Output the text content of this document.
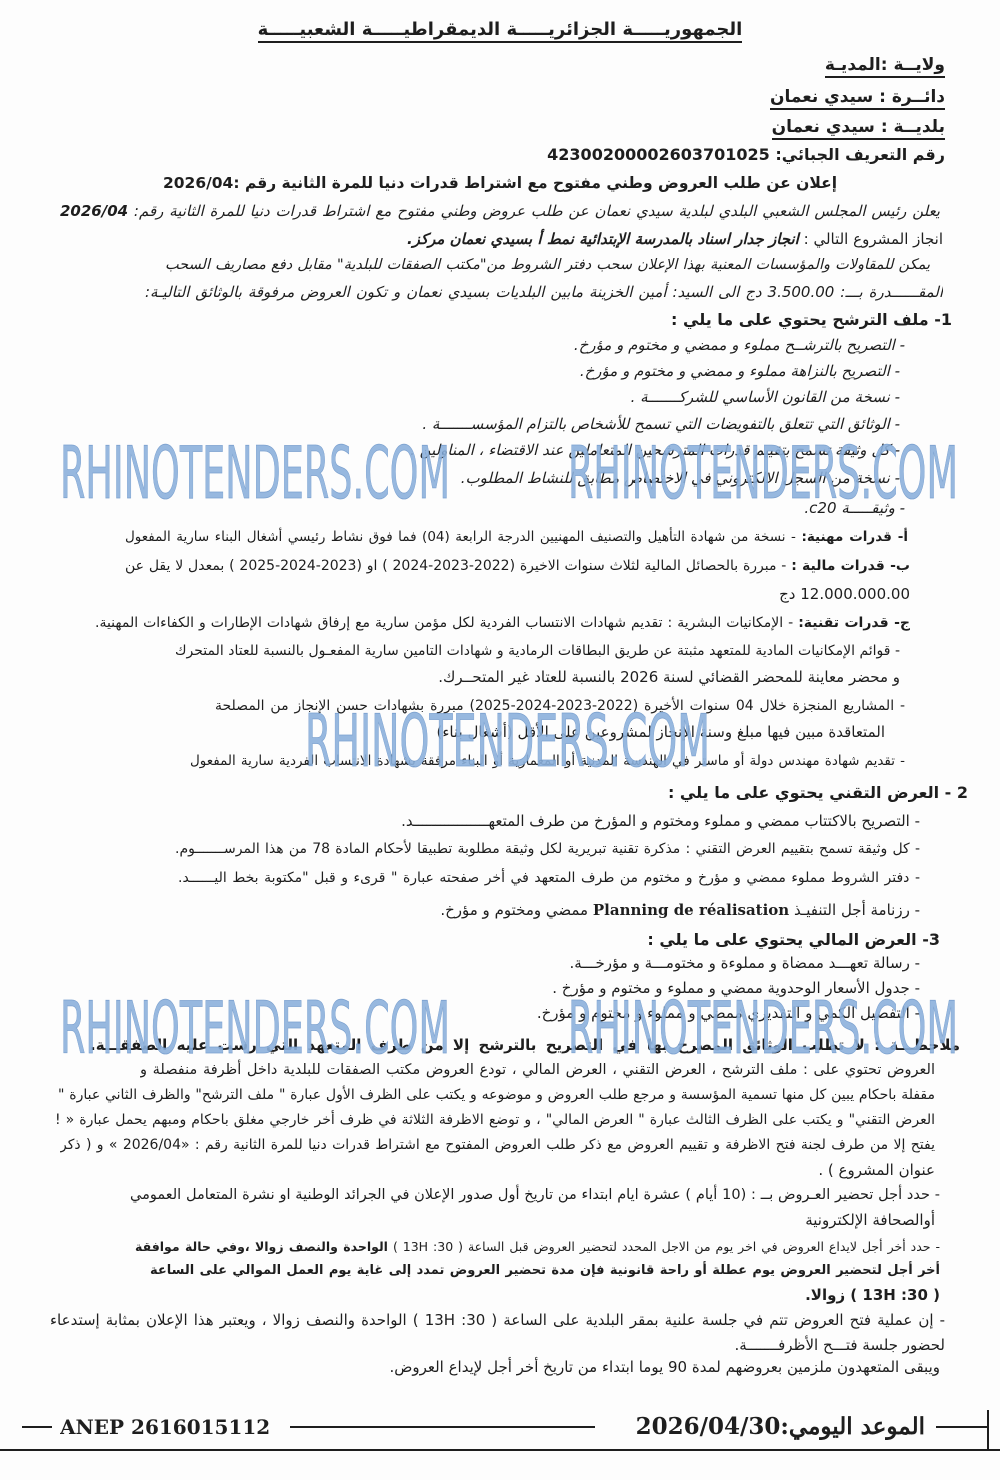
الجمهوريـــــة الجزائريـــــة الديمقراطيـــــة الشعبيـــــة
ولايــة :المديـة
دائــرة : سيدي نعمان
بلديــة : سيدي نعمان
رقم التعريف الجبائي: 42300200002603701025
إعلان عن طلب العروض وطني مفتوح مع اشتراط قدرات دنيا للمرة الثانية رقم :2026/04
يعلن رئيس المجلس الشعبي البلدي لبلدية سيدي نعمان عن طلب عروض وطني مفتوح مع اشتراط قدرات دنيا للمرة الثانية رقم: 2026/04
انجاز المشروع التالي : انجاز جدار اسناد بالمدرسة الإبتدائية نمط أ بسيدي نعمان مركز.
يمكن للمقاولات والمؤسسات المعنية بهذا الإعلان سحب دفتر الشروط من"مكتب الصفقات للبلدية" مقابل دفع مصاريف السحب
المقــــــدرة بـــ: 3.500.00 دج الى السيد: أمين الخزينة مابين البلديات بسيدي نعمان و تكون العروض مرفوقة بالوثائق التاليـة:
1- ملف الترشح يحتوي على ما يلي :
- التصريح بالترشــح مملوء و ممضي و مختوم و مؤرخ.
- التصريح بالنزاهة مملوء و ممضي و مختوم و مؤرخ.
- نسخة من القانون الأساسي للشركـــــــة .
- الوثائق التي تتعلق بالتفويضات التي تسمح للأشخاص بالتزام المؤسســـــــة .
- كل وثيقة تسمح بتقييم قدرات المترشحين المتعاملين عند الاقتضاء ، المناولين .
- نسخة من السجل الالكتروني في الاختصاص مطابق للنشاط المطلوب.
- وثيقـــــة c20.
أ- قدرات مهنية: - نسخة من شهادة التأهيل والتصنيف المهنيين الدرجة الرابعة (04) فما فوق نشاط رئيسي أشغال البناء سارية المفعول
ب- قدرات مالية : - مبررة بالحصائل المالية لثلاث سنوات الاخيرة (2022-2023-2024 ) او (2023-2024-2025 ) بمعدل لا يقل عن
12.000.000.00 دج
ج- قدرات تقنية: - الإمكانيات البشرية : تقديم شهادات الانتساب الفردية لكل مؤمن سارية مع إرفاق شهادات الإطارات و الكفاءات المهنية.
- قوائم الإمكانيات المادية للمتعهد مثبتة عن طريق البطاقات الرمادية و شهادات التامين سارية المفعـول بالنسبة للعتاد المتحرك
و محضر معاينة للمحضر القضائي لسنة 2026 بالنسبة للعتاد غير المتحــرك.
- المشاريع المنجزة خلال 04 سنوات الأخيرة (2022-2023-2024-2025) مبررة بشهادات حسن الإنجاز من المصلحة
المتعاقدة مبين فيها مبلغ وسنة الإنجاز لمشروعين على الأقل (أشغال بناء)
- تقديم شهادة مهندس دولة أو ماستر في الهندسة المدنية أو المعمارية أو البناء مرفقة بشهادة الانتساب الفردية سارية المفعول
2 - العرض التقني يحتوي على ما يلي :
- التصريح بالاكتتاب ممضي و مملوء ومختوم و المؤرخ من طرف المتعهـــــــــــــــــد.
- كل وثيقة تسمح بتقييم العرض التقني : مذكرة تقنية تبريرية لكل وثيقة مطلوبة تطبيقا لأحكام المادة 78 من هذا المرســـــــوم.
- دفتر الشروط مملوء ممضي و مؤرخ و مختوم من طرف المتعهد في أخر صفحته عبارة " قرىء و قبل "مكتوبة بخط اليــــــد.
- رزنامة أجل التنفيـذ Planning de réalisation ممضي ومختوم و مؤرخ.
3- العرض المالي يحتوي على ما يلي :
- رسالة تعهـــد ممضاة و مملوءة و مختومـــة و مؤرخـــة.
- جدول الأسعار الوحدوية ممضي و مملوء و مختوم و مؤرخ .
- التفصيل الكمي و التقديري ممضي و مملوء و مختوم و مؤرخ.
ملاحظـــة : لا تطلب الوثائق المصرح بها في التصريح بالترشح إلا من طرف المتعهد التي رست عليه الصفقـــة.
العروض تحتوي على : ملف الترشح ، العرض التقني ، العرض المالي ، تودع العروض مكتب الصفقات للبلدية داخل أظرفة منفصلة و
مقفلة باحكام يبين كل منها تسمية المؤسسة و مرجع طلب العروض و موضوعه و يكتب على الظرف الأول عبارة " ملف الترشح" والظرف الثاني عبارة "
العرض التقني" و يكتب على الظرف الثالث عبارة " العرض المالي" ، و توضع الاظرفة الثلاثة في ظرف أخر خارجي مغلق باحكام ومبهم يحمل عبارة « !
يفتح إلا من طرف لجنة فتح الاظرفة و تقييم العروض مع ذكر طلب العروض المفتوح مع اشتراط قدرات دنيا للمرة الثانية رقم : «2026/04 » و ( ذكر
عنوان المشروع ) .
- حدد أجل تحضير العـروض بــ : (10 أيام ) عشرة ايام ابتداء من تاريخ أول صدور الإعلان في الجرائد الوطنية او نشرة المتعامل العمومي
أوالصحافة الإلكترونية
- حدد أخر أجل لايداع العروض في اخر يوم من الاجل المحدد لتحضير العروض قبل الساعة ( 13H :30 ) الواحدة والنصف زوالا ،وفي حالة موافقة
أخر أجل لتحضير العروض يوم عطلة أو راحة قانونية فإن مدة تحضير العروض تمدد إلى غاية يوم العمل الموالي على الساعة
( 13H :30 ) زوالا.
- إن عملية فتح العروض تتم في جلسة علنية بمقر البلدية على الساعة ( 13H :30 ) الواحدة والنصف زوالا ، ويعتبر هذا الإعلان بمثابة إستدعاء
لحضور جلسة فتـــح الأظرفـــــــة.
ويبقى المتعهدون ملزمين بعروضهم لمدة 90 يوما ابتداء من تاريخ أخر أجل لإيداع العروض.
الموعد اليومي:2026/04/30
ANEP 2616015112
RHINOTENDERS.COM RHINOTENDERS.COM
RHINOTENDERS.COM
RHINOTENDERS.COM RHINOTENDERS.COM
